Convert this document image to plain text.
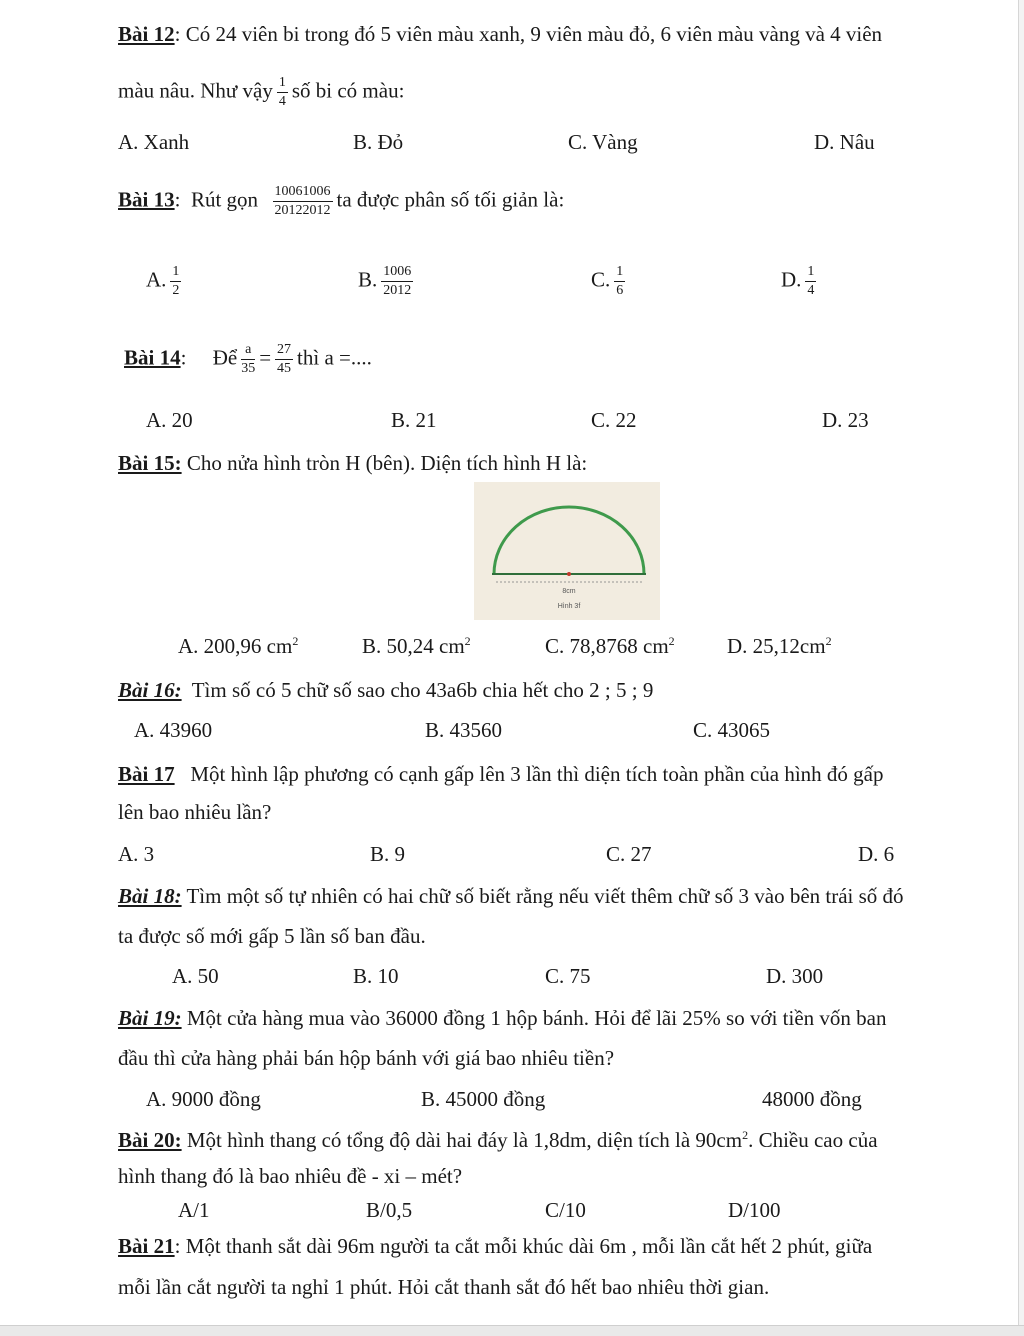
Bài 12: Có 24 viên bi trong đó 5 viên màu xanh, 9 viên màu đỏ, 6 viên màu vàng và 4 viên
màu nâu. Như vậy $\frac{1}{4}$ số bi có màu:
A. Xanh	B. Đỏ	C. Vàng	D. Nâu
Bài 13: Rút gọn $\frac{10061006}{20122012}$ ta được phân số tối giản là:
A. $\frac{1}{2}$	B. $\frac{1006}{2012}$	C. $\frac{1}{6}$	D. $\frac{1}{4}$
Bài 14: Để $\frac{a}{35} = \frac{27}{45}$ thì a =....
A. 20	B. 21	C. 22	D. 23
Bài 15: Cho nửa hình tròn H (bên). Diện tích hình H là:
8cm
Hình 3f
A. 200,96 $cm^2$	B. 50,24 $cm^2$	C. 78,8768 $cm^2$ D. $25,12cm^2$
Bài 16: Tìm số có 5 chữ số sao cho 43a6b chia hết cho 2 ; 5 ; 9
A. 43960	B. 43560	C. 43065
Bài 17 Một hình lập phương có cạnh gấp lên 3 lần thì diện tích toàn phần của hình đó gấp
lên bao nhiêu lần?
A. 3	B. 9	C. 27	D. 6
Bài 18: Tìm một số tự nhiên có hai chữ số biết rằng nếu viết thêm chữ số 3 vào bên trái số đó
ta được số mới gấp 5 lần số ban đầu.
A. 50	B. 10	C. 75	D. 300
Bài 19: Một cửa hàng mua vào 36000 đồng 1 hộp bánh. Hỏi để lãi 25% so với tiền vốn ban
đầu thì cửa hàng phải bán hộp bánh với giá bao nhiêu tiền?
A. 9000 đồng	B. 45000 đồng	48000 đồng
Bài 20: Một hình thang có tổng độ dài hai đáy là 1,8dm, diện tích là $90cm^2$. Chiều cao của
hình thang đó là bao nhiêu đề - xi – mét?
A/1	B/0,5	C/10	D/100
Bài 21: Một thanh sắt dài 96m người ta cắt mỗi khúc dài 6m , mỗi lần cắt hết 2 phút, giữa
mỗi lần cắt người ta nghỉ 1 phút. Hỏi cắt thanh sắt đó hết bao nhiêu thời gian.
